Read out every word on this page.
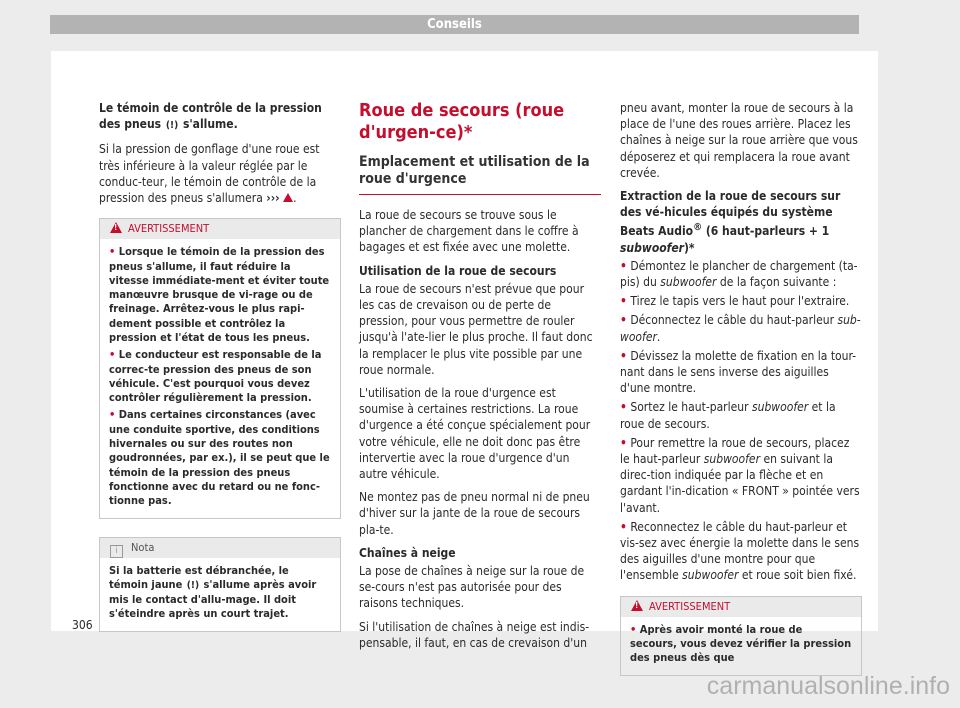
Conseils

Le témoin de contrôle de la pression des pneus (!) s'allume.

Si la pression de gonflage d'une roue est très inférieure à la valeur réglée par le conduc-teur, le témoin de contrôle de la pression des pneus s'allumera ››› .

!AVERTISSEMENT

• Lorsque le témoin de la pression des pneus s'allume, il faut réduire la vitesse immédiate-ment et éviter toute manœuvre brusque de vi-rage ou de freinage. Arrêtez-vous le plus rapi-dement possible et contrôlez la pression et l'état de tous les pneus.

• Le conducteur est responsable de la correc-te pression des pneus de son véhicule. C'est pourquoi vous devez contrôler régulièrement la pression.

• Dans certaines circonstances (avec une conduite sportive, des conditions hivernales ou sur des routes non goudronnées, par ex.), il se peut que le témoin de la pression des pneus fonctionne avec du retard ou ne fonc-tionne pas.

i Nota

Si la batterie est débranchée, le témoin jaune (!) s'allume après avoir mis le contact d'allu-mage. Il doit s'éteindre après un court trajet.

Roue de secours (roue d'urgen-ce)*
Emplacement et utilisation de la roue d'urgence

La roue de secours se trouve sous le plancher de chargement dans le coffre à bagages et est fixée avec une molette.

Utilisation de la roue de secours

La roue de secours n'est prévue que pour les cas de crevaison ou de perte de pression, pour vous permettre de rouler jusqu'à l'ate-lier le plus proche. Il faut donc la remplacer le plus vite possible par une roue normale.

L'utilisation de la roue d'urgence est soumise à certaines restrictions. La roue d'urgence a été conçue spécialement pour votre véhicule, elle ne doit donc pas être intervertie avec la roue d'urgence d'un autre véhicule.

Ne montez pas de pneu normal ni de pneu d'hiver sur la jante de la roue de secours pla-te.

Chaînes à neige

La pose de chaînes à neige sur la roue de se-cours n'est pas autorisée pour des raisons techniques.

Si l'utilisation de chaînes à neige est indis-pensable, il faut, en cas de crevaison d'un

pneu avant, monter la roue de secours à la place de l'une des roues arrière. Placez les chaînes à neige sur la roue arrière que vous déposerez et qui remplacera la roue avant crevée.

Extraction de la roue de secours sur des vé-hicules équipés du système Beats Audio® (6 haut-parleurs + 1 subwoofer)*

• Démontez le plancher de chargement (ta-pis) du subwoofer de la façon suivante :

• Tirez le tapis vers le haut pour l'extraire.

• Déconnectez le câble du haut-parleur sub-woofer.

• Dévissez la molette de fixation en la tour-nant dans le sens inverse des aiguilles d'une montre.

• Sortez le haut-parleur subwoofer et la roue de secours.

• Pour remettre la roue de secours, placez le haut-parleur subwoofer en suivant la direc-tion indiquée par la flèche et en gardant l'in-dication « FRONT » pointée vers l'avant.

• Reconnectez le câble du haut-parleur et vis-sez avec énergie la molette dans le sens des aiguilles d'une montre pour que l'ensemble subwoofer et roue soit bien fixé.

!AVERTISSEMENT

• Après avoir monté la roue de secours, vous devez vérifier la pression des pneus dès que

306
carmanualsonline.info
